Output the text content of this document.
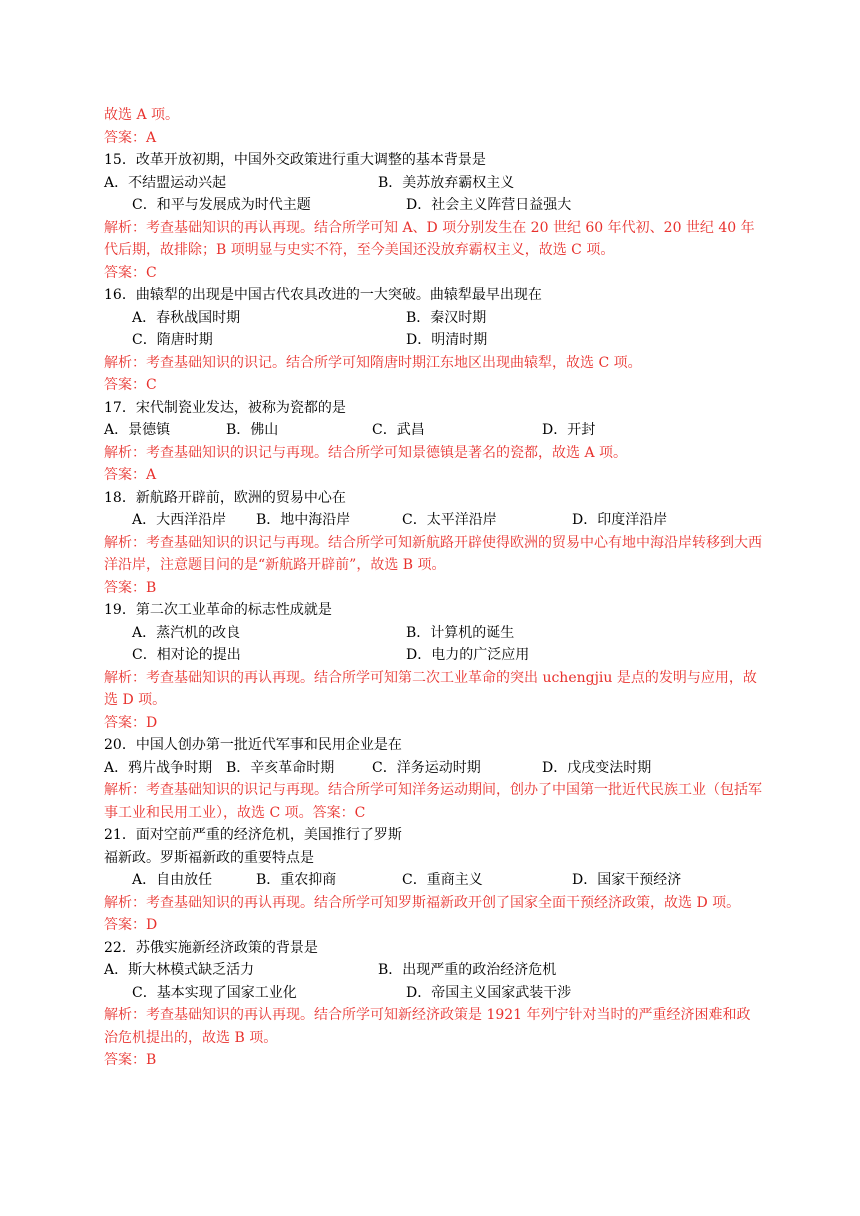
故选 A 项。
答案：A
15．改革开放初期，中国外交政策进行重大调整的基本背景是
A．不结盟运动兴起	B．美苏放弃霸权主义
C．和平与发展成为时代主题	D．社会主义阵营日益强大
解析：考查基础知识的再认再现。结合所学可知 A、D 项分别发生在 20 世纪 60 年代初、20 世纪 40 年代后期，故排除；B 项明显与史实不符，至今美国还没放弃霸权主义，故选 C 项。
答案：C
16．曲辕犁的出现是中国古代农具改进的一大突破。曲辕犁最早出现在
A．春秋战国时期	B．秦汉时期
C．隋唐时期	D．明清时期
解析：考查基础知识的识记。结合所学可知隋唐时期江东地区出现曲辕犁，故选 C 项。
答案：C
17．宋代制瓷业发达，被称为瓷都的是
A．景德镇	B．佛山	C．武昌	D．开封
解析：考查基础知识的识记与再现。结合所学可知景德镇是著名的瓷都，故选 A 项。
答案：A
18．新航路开辟前，欧洲的贸易中心在
A．大西洋沿岸 B．地中海沿岸	C．太平洋沿岸	D．印度洋沿岸
解析：考查基础知识的识记与再现。结合所学可知新航路开辟使得欧洲的贸易中心有地中海沿岸转移到大西洋沿岸，注意题目问的是“新航路开辟前”，故选 B 项。
答案：B
19．第二次工业革命的标志性成就是
A．蒸汽机的改良	B．计算机的诞生
C．相对论的提出	D．电力的广泛应用
解析：考查基础知识的再认再现。结合所学可知第二次工业革命的突出 uchengjiu 是点的发明与应用，故选 D 项。
答案：D
20．中国人创办第一批近代军事和民用企业是在
A．鸦片战争时期 B．辛亥革命时期	C．洋务运动时期	D．戊戌变法时期
解析：考查基础知识的识记与再现。结合所学可知洋务运动期间，创办了中国第一批近代民族工业（包括军事工业和民用工业），故选 C 项。答案：C
21．面对空前严重的经济危机，美国推行了罗斯
福新政。罗斯福新政的重要特点是
A．自由放任	B．重农抑商	C．重商主义	D．国家干预经济
解析：考查基础知识的再认再现。结合所学可知罗斯福新政开创了国家全面干预经济政策，故选 D 项。
答案：D
22．苏俄实施新经济政策的背景是
A．斯大林模式缺乏活力	B．出现严重的政治经济危机
C．基本实现了国家工业化	D．帝国主义国家武装干涉
解析：考查基础知识的再认再现。结合所学可知新经济政策是 1921 年列宁针对当时的严重经济困难和政治危机提出的，故选 B 项。
答案：B
